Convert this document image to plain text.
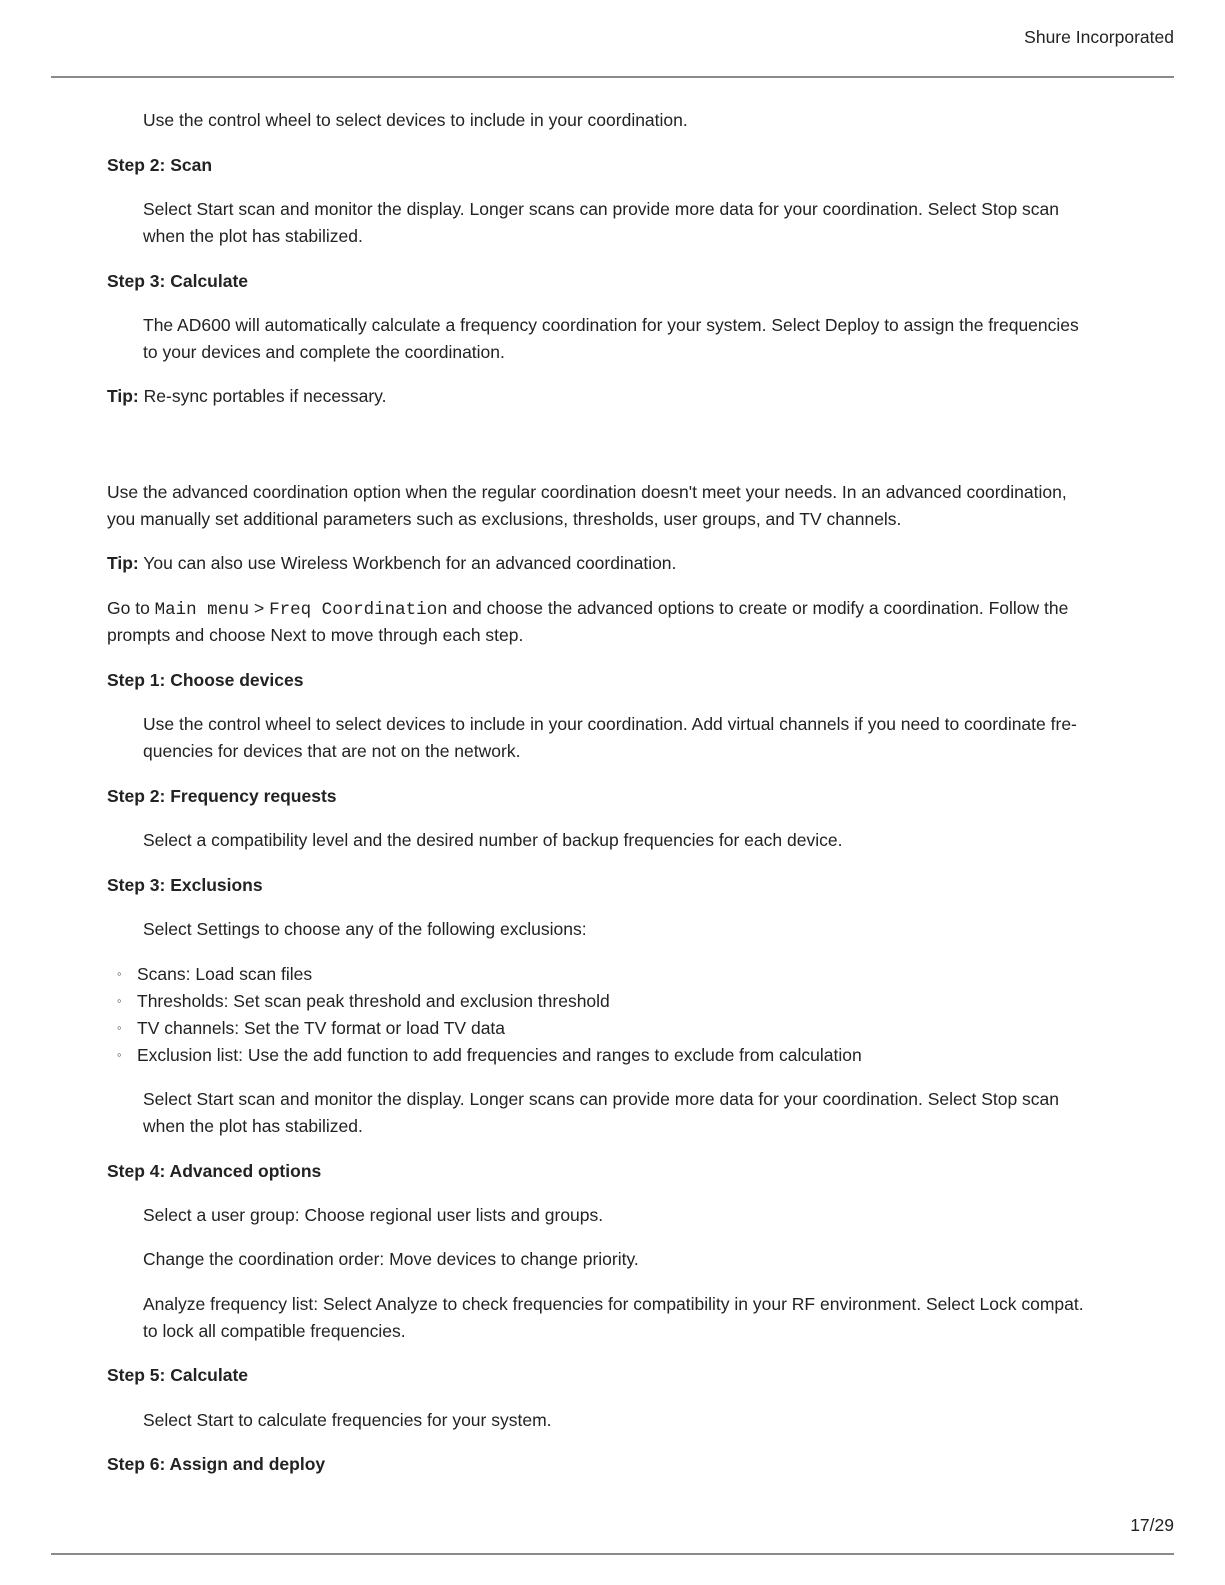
Shure Incorporated
Use the control wheel to select devices to include in your coordination.
Step 2: Scan
Select Start scan and monitor the display. Longer scans can provide more data for your coordination. Select Stop scan
when the plot has stabilized.
Step 3: Calculate
The AD600 will automatically calculate a frequency coordination for your system. Select Deploy to assign the frequencies
to your devices and complete the coordination.
Tip: Re-sync portables if necessary.
Use the advanced coordination option when the regular coordination doesn't meet your needs. In an advanced coordination,
you manually set additional parameters such as exclusions, thresholds, user groups, and TV channels.
Tip: You can also use Wireless Workbench for an advanced coordination.
Go to Main menu > Freq Coordination and choose the advanced options to create or modify a coordination. Follow the
prompts and choose Next to move through each step.
Step 1: Choose devices
Use the control wheel to select devices to include in your coordination. Add virtual channels if you need to coordinate fre-
quencies for devices that are not on the network.
Step 2: Frequency requests
Select a compatibility level and the desired number of backup frequencies for each device.
Step 3: Exclusions
Select Settings to choose any of the following exclusions:
◦ Scans: Load scan files
◦ Thresholds: Set scan peak threshold and exclusion threshold
◦ TV channels: Set the TV format or load TV data
◦ Exclusion list: Use the add function to add frequencies and ranges to exclude from calculation
Select Start scan and monitor the display. Longer scans can provide more data for your coordination. Select Stop scan
when the plot has stabilized.
Step 4: Advanced options
Select a user group: Choose regional user lists and groups.
Change the coordination order: Move devices to change priority.
Analyze frequency list: Select Analyze to check frequencies for compatibility in your RF environment. Select Lock compat.
to lock all compatible frequencies.
Step 5: Calculate
Select Start to calculate frequencies for your system.
Step 6: Assign and deploy
17/29
